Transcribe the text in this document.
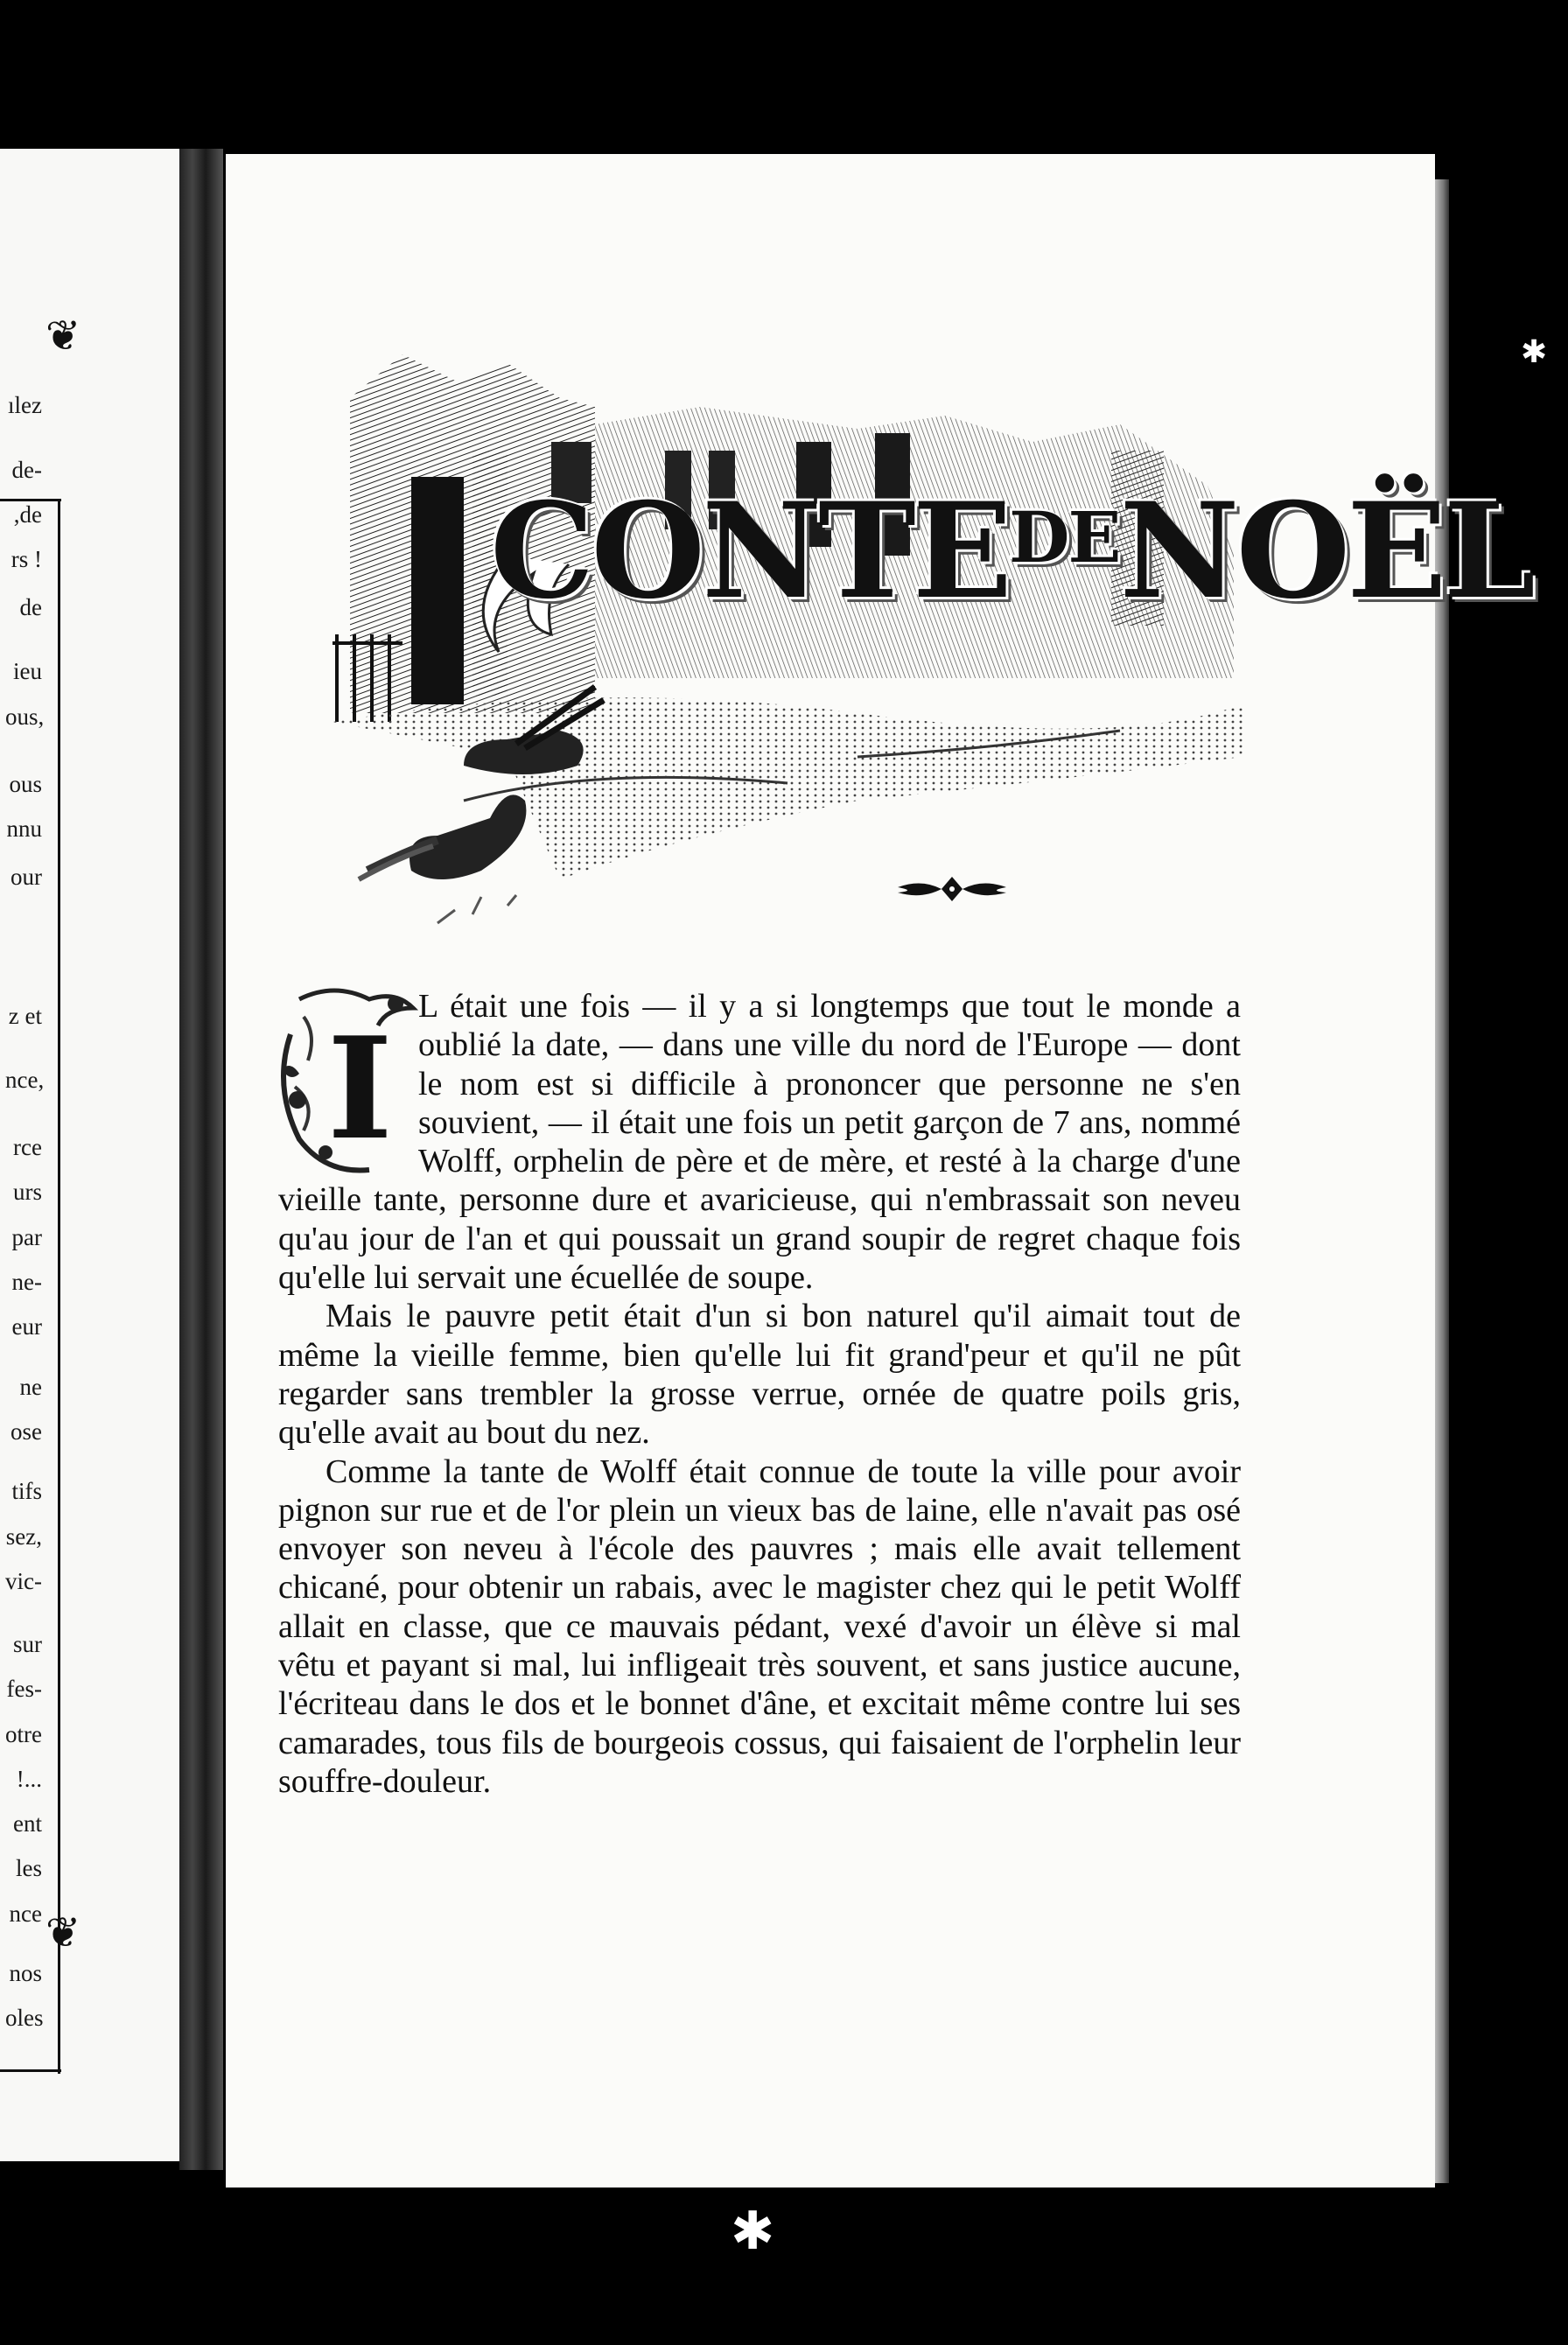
❦
❦
ılez
de-
,de
rs !
de
ieu
ous,
ous
nnu
our
z et
nce,
rce
urs
par
ne-
eur
ne
ose
tifs
sez,
vic-
sur
fes-
otre
!...
ent
les
nce
nos
oles
$CONTE^{DE}NOËL$

I L était une fois — il y a si longtemps que tout le monde a oublié la date, — dans une ville du nord de l'Europe — dont le nom est si difficile à prononcer que personne ne s'en souvient, — il était une fois un petit garçon de 7 ans, nommé Wolff, orphelin de père et de mère, et resté à la charge d'une vieille tante, personne dure et avaricieuse, qui n'embrassait son neveu qu'au jour de l'an et qui poussait un grand soupir de regret chaque fois qu'elle lui servait une écuellée de soupe.

Mais le pauvre petit était d'un si bon naturel qu'il aimait tout de même la vieille femme, bien qu'elle lui fit grand'peur et qu'il ne pût regarder sans trembler la grosse verrue, ornée de quatre poils gris, qu'elle avait au bout du nez.

Comme la tante de Wolff était connue de toute la ville pour avoir pignon sur rue et de l'or plein un vieux bas de laine, elle n'avait pas osé envoyer son neveu à l'école des pauvres ; mais elle avait tellement chicané, pour obtenir un rabais, avec le magister chez qui le petit Wolff allait en classe, que ce mauvais pédant, vexé d'avoir un élève si mal vêtu et payant si mal, lui infligeait très souvent, et sans justice aucune, l'écriteau dans le dos et le bonnet d'âne, et excitait même contre lui ses camarades, tous fils de bourgeois cossus, qui faisaient de l'orphelin leur souffre-douleur.

✱
✱
